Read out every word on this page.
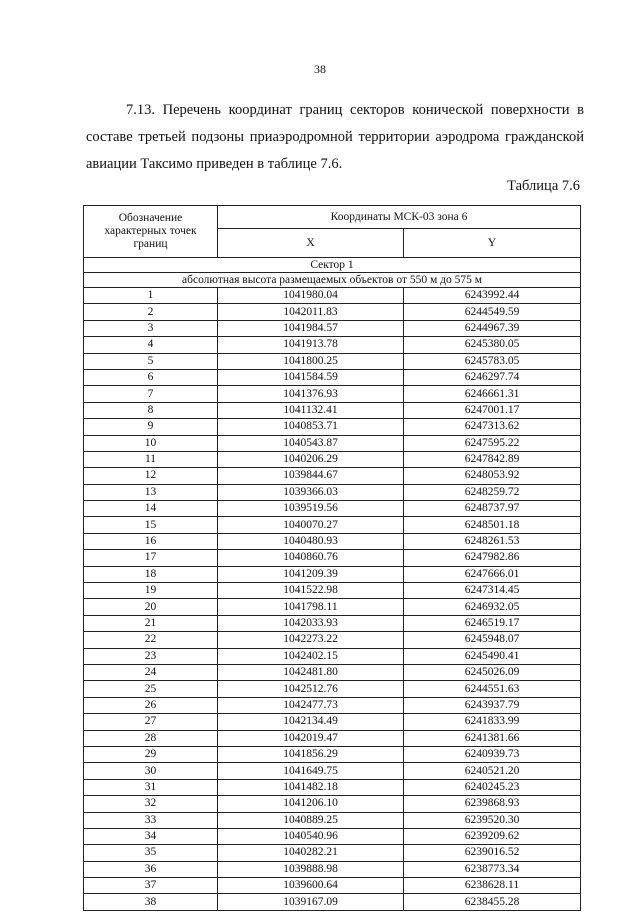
38

7.13. Перечень координат границ секторов конической поверхности в составе третьей подзоны приаэродромной территории аэродрома гражданской авиации Таксимо приведен в таблице 7.6.

Таблица 7.6
Обозначение характерных точек границ	Координаты МСК-03 зона 6	
	X	Y
Сектор 1		
абсолютная высота размещаемых объектов от 550 м до 575 м		
1	1041980.04	6243992.44
2	1042011.83	6244549.59
3	1041984.57	6244967.39
4	1041913.78	6245380.05
5	1041800.25	6245783.05
6	1041584.59	6246297.74
7	1041376.93	6246661.31
8	1041132.41	6247001.17
9	1040853.71	6247313.62
10	1040543.87	6247595.22
11	1040206.29	6247842.89
12	1039844.67	6248053.92
13	1039366.03	6248259.72
14	1039519.56	6248737.97
15	1040070.27	6248501.18
16	1040480.93	6248261.53
17	1040860.76	6247982.86
18	1041209.39	6247666.01
19	1041522.98	6247314.45
20	1041798.11	6246932.05
21	1042033.93	6246519.17
22	1042273.22	6245948.07
23	1042402.15	6245490.41
24	1042481.80	6245026.09
25	1042512.76	6244551.63
26	1042477.73	6243937.79
27	1042134.49	6241833.99
28	1042019.47	6241381.66
29	1041856.29	6240939.73
30	1041649.75	6240521.20
31	1041482.18	6240245.23
32	1041206.10	6239868.93
33	1040889.25	6239520.30
34	1040540.96	6239209.62
35	1040282.21	6239016.52
36	1039888.98	6238773.34
37	1039600.64	6238628.11
38	1039167.09	6238455.28
